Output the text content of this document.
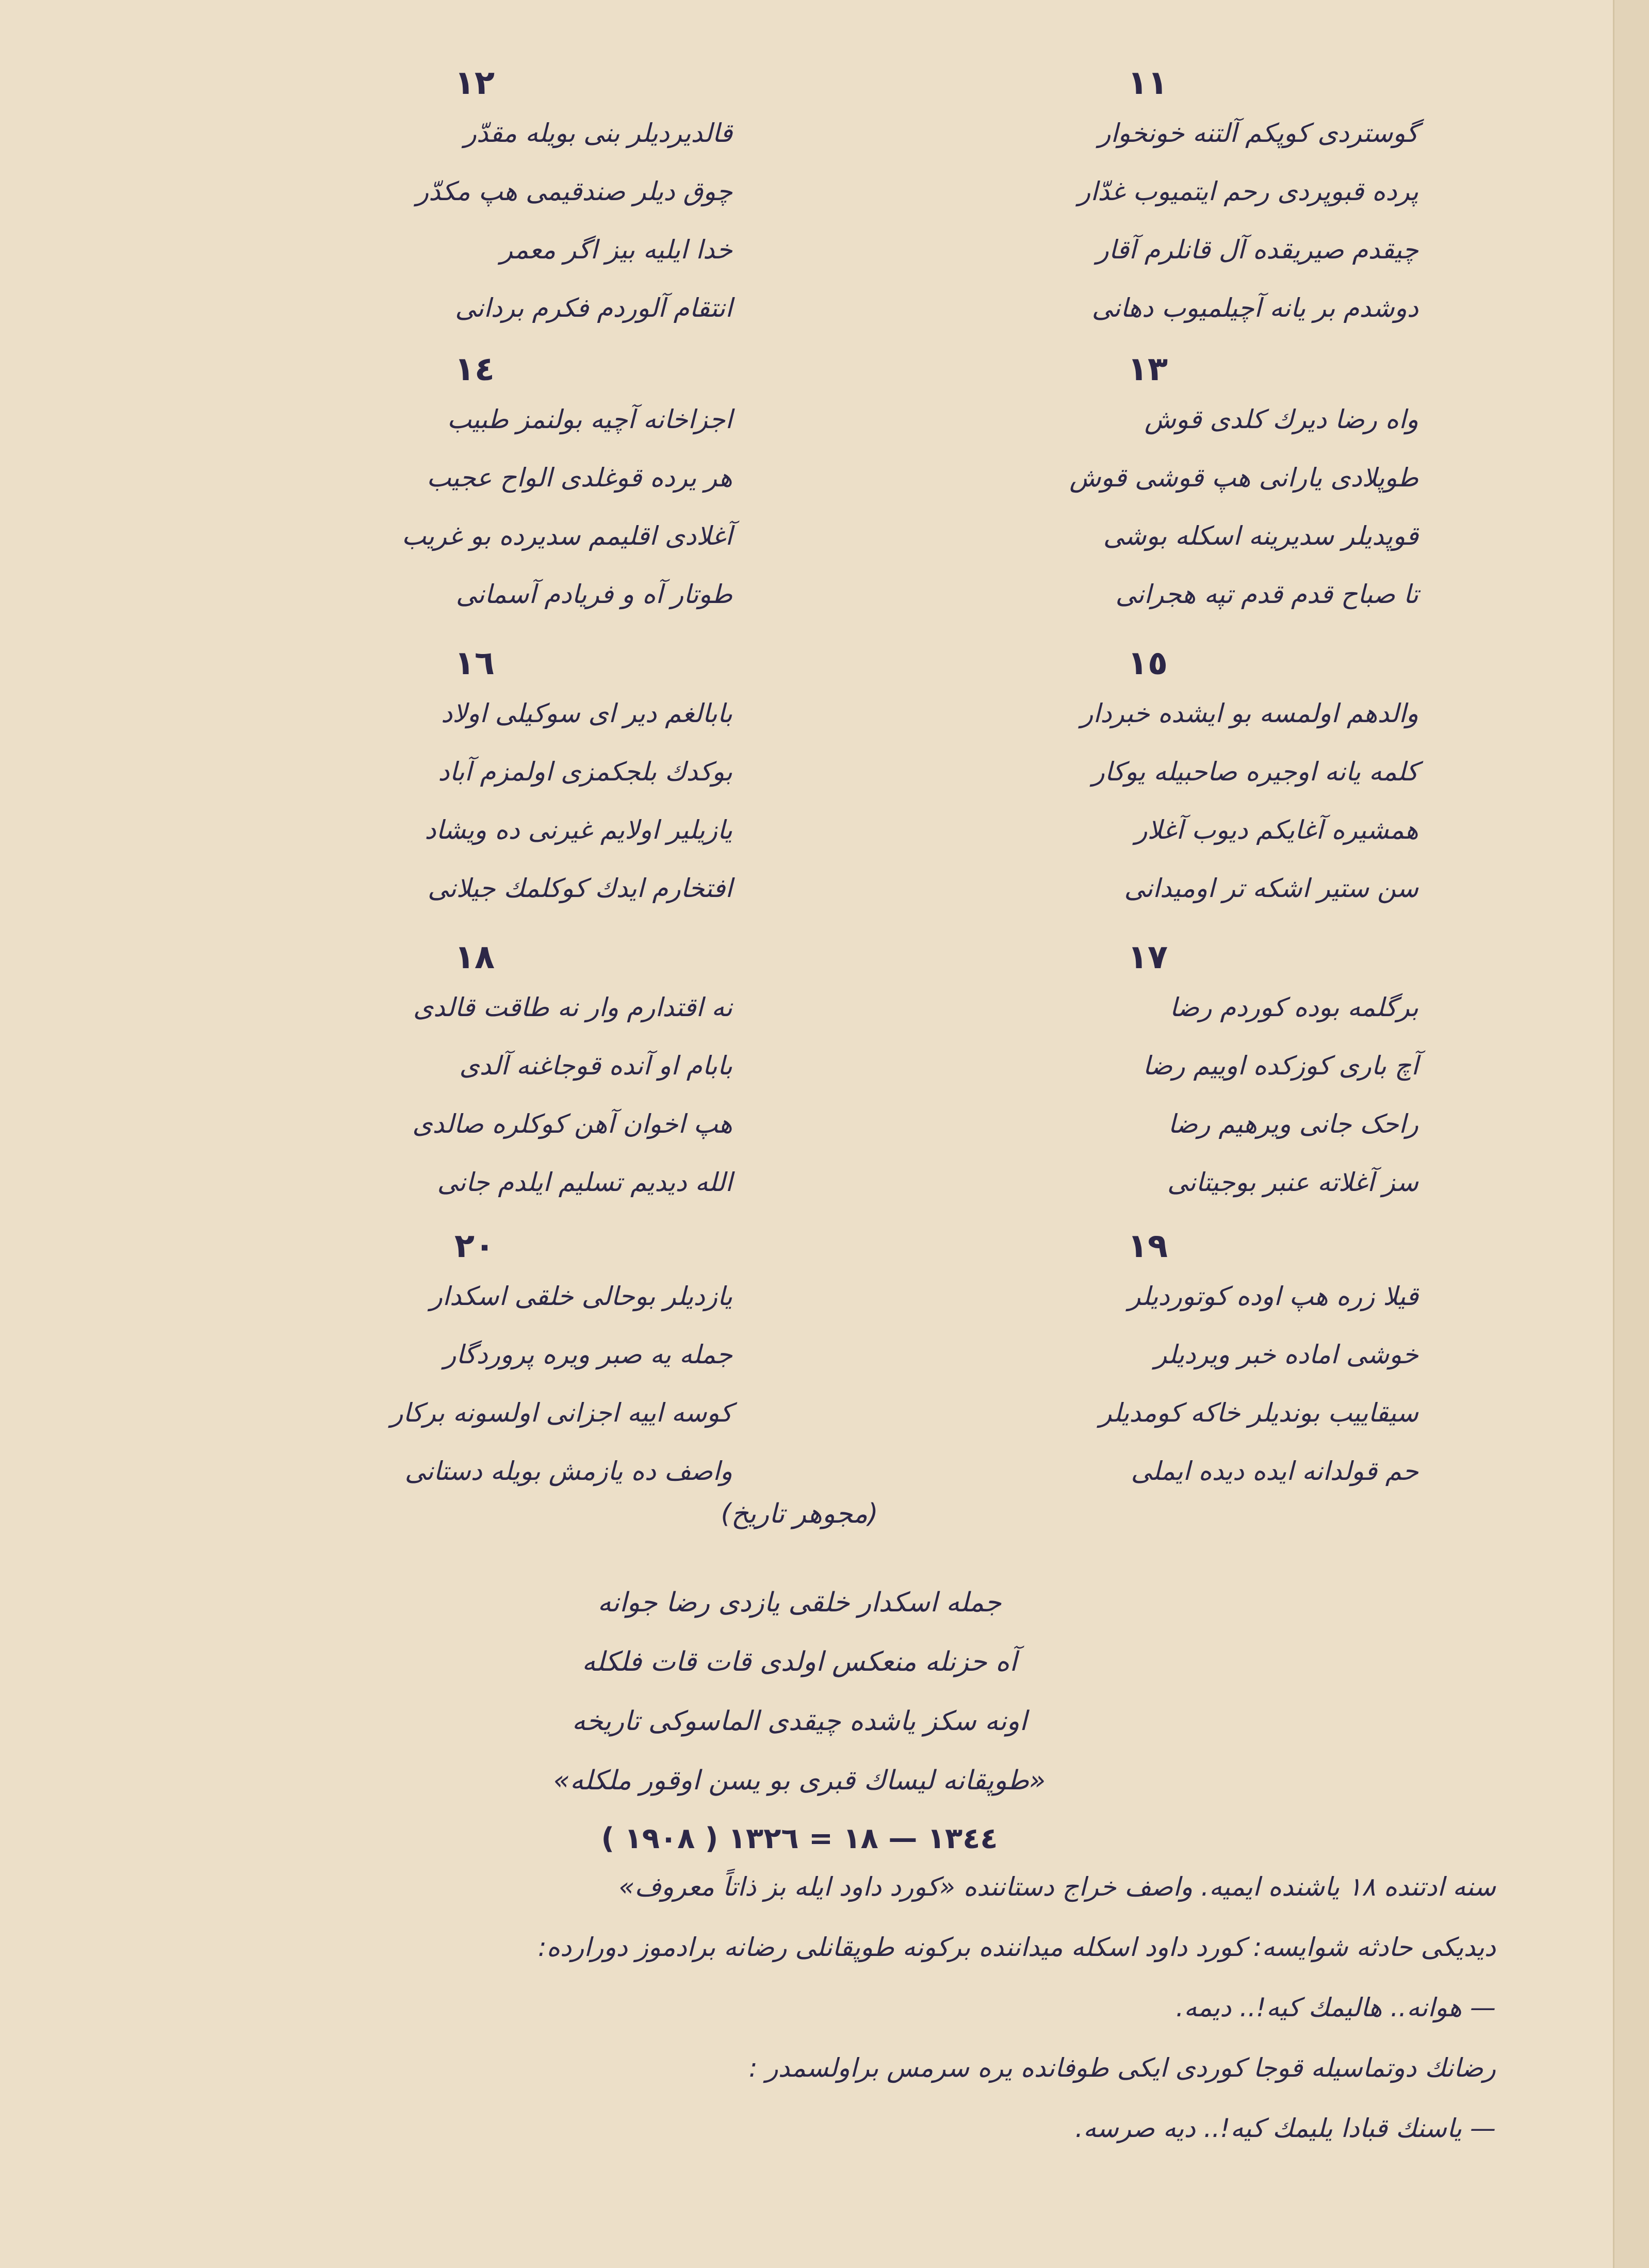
١١
گوستردی کوپکم آلتنه خونخوار
پرده قبوپردی رحم ایتمیوب غدّار
چیقدم صیریقده آل قانلرم آقار
دوشدم بر یانه آچیلمیوب دهانی
١٢
قالدیردیلر بنی بویله مقدّر
چوق دیلر صندقیمی هپ مکدّر
خدا ایلیه بیز اگر معمر
انتقام آلوردم فکرم بردانی
١٣
واه رضا دیرك کلدی قوش
طوپلادی یارانی هپ قوشی قوش
قوپدیلر سدیرینه اسکله بوشی
تا صباح قدم قدم تپه هجرانی
١٤
اجزاخانه آچیه بولنمز طبیب
هر یرده قوغلدی الواح عجیب
آغلادی اقلیمم سدیرده بو غریب
طوتار آه و فریادم آسمانی
١٥
والدهم اولمسه بو ایشده خبردار
کلمه یانه اوجیره صاحبیله یوکار
همشیره آغایکم دیوب آغلار
سن ستیر اشکه تر اومیدانی
١٦
بابالغم دیر ای سوکیلی اولاد
بوکدك بلجکمزی اولمزم آباد
یازیلیر اولایم غیرنی ده ویشاد
افتخارم ایدك کوکلمك جیلانی
١٧
برگلمه بوده کوردم رضا
آچ باری کوزکده اوییم رضا
راحک جانی ویرهیم رضا
سز آغلاته عنبر بوجیتانی
١٨
نه اقتدارم وار نه طاقت قالدی
بابام او آنده قوجاغنه آلدی
هپ اخوان آهن کوکلره صالدی
الله دیدیم تسلیم ایلدم جانی
١٩
قیلا زره هپ اوده کوتوردیلر
خوشی اماده خبر ویردیلر
سیقاییب بوندیلر خاکه کومدیلر
حم قولدانه ایده دیده ایملی
٢٠
یازدیلر بوحالی خلقی اسکدار
جمله یه صبر ویره پروردگار
کوسه اییه اجزانی اولسونه برکار
واصف ده یازمش بویله دستانی
(مجوهر تاریخ)
جمله اسکدار خلقی یازدی رضا جوانه
آه حزنله منعکس اولدی قات قات فلکله
اونه سکز یاشده چیقدی الماسوکی تاریخه
«طوپقانه لیساك قبری بو یسن اوقور ملکله»
١٣٤٤ — ١٨ = ١٣٢٦ ( ١٩٠٨ )
سنه ادتنده ١٨ یاشنده ایمیه. واصف خراج دستاننده «کورد داود ایله بز ذاتاً معروف»
دیدیکی حادثه شوایسه: کورد داود اسکله میداننده برکونه طوپقانلی رضانه برادموز دورارده:
— هوانه.. هالیمك کیه!.. دیمه.
رضانك دوتماسیله قوجا کوردی ایکی طوفانده یره سرمس براولسمدر :
— یاسنك قبادا یلیمك کیه!.. دیه صرسه.
